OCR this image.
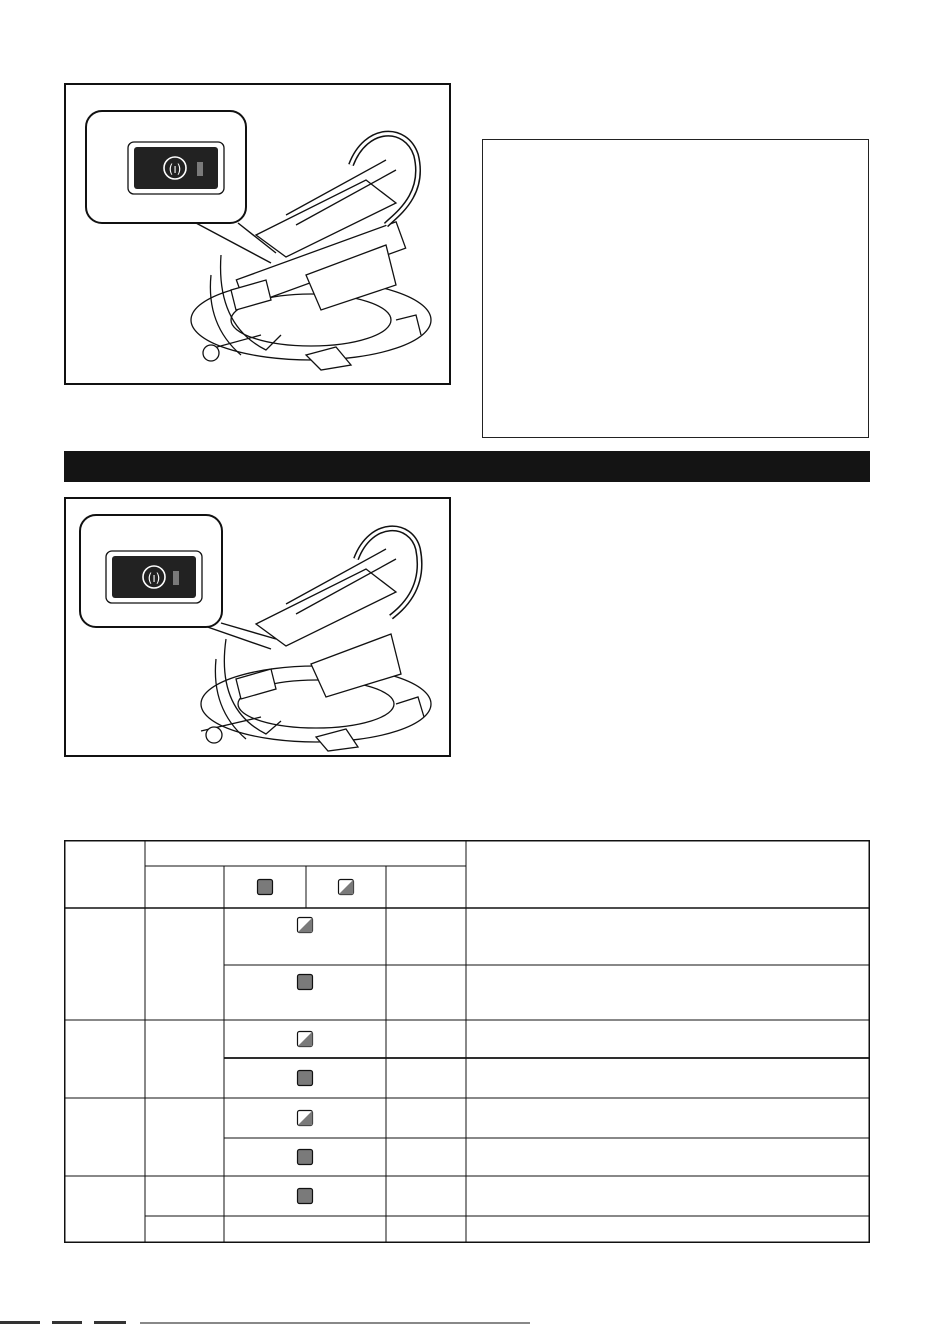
(ı)
(ı)
